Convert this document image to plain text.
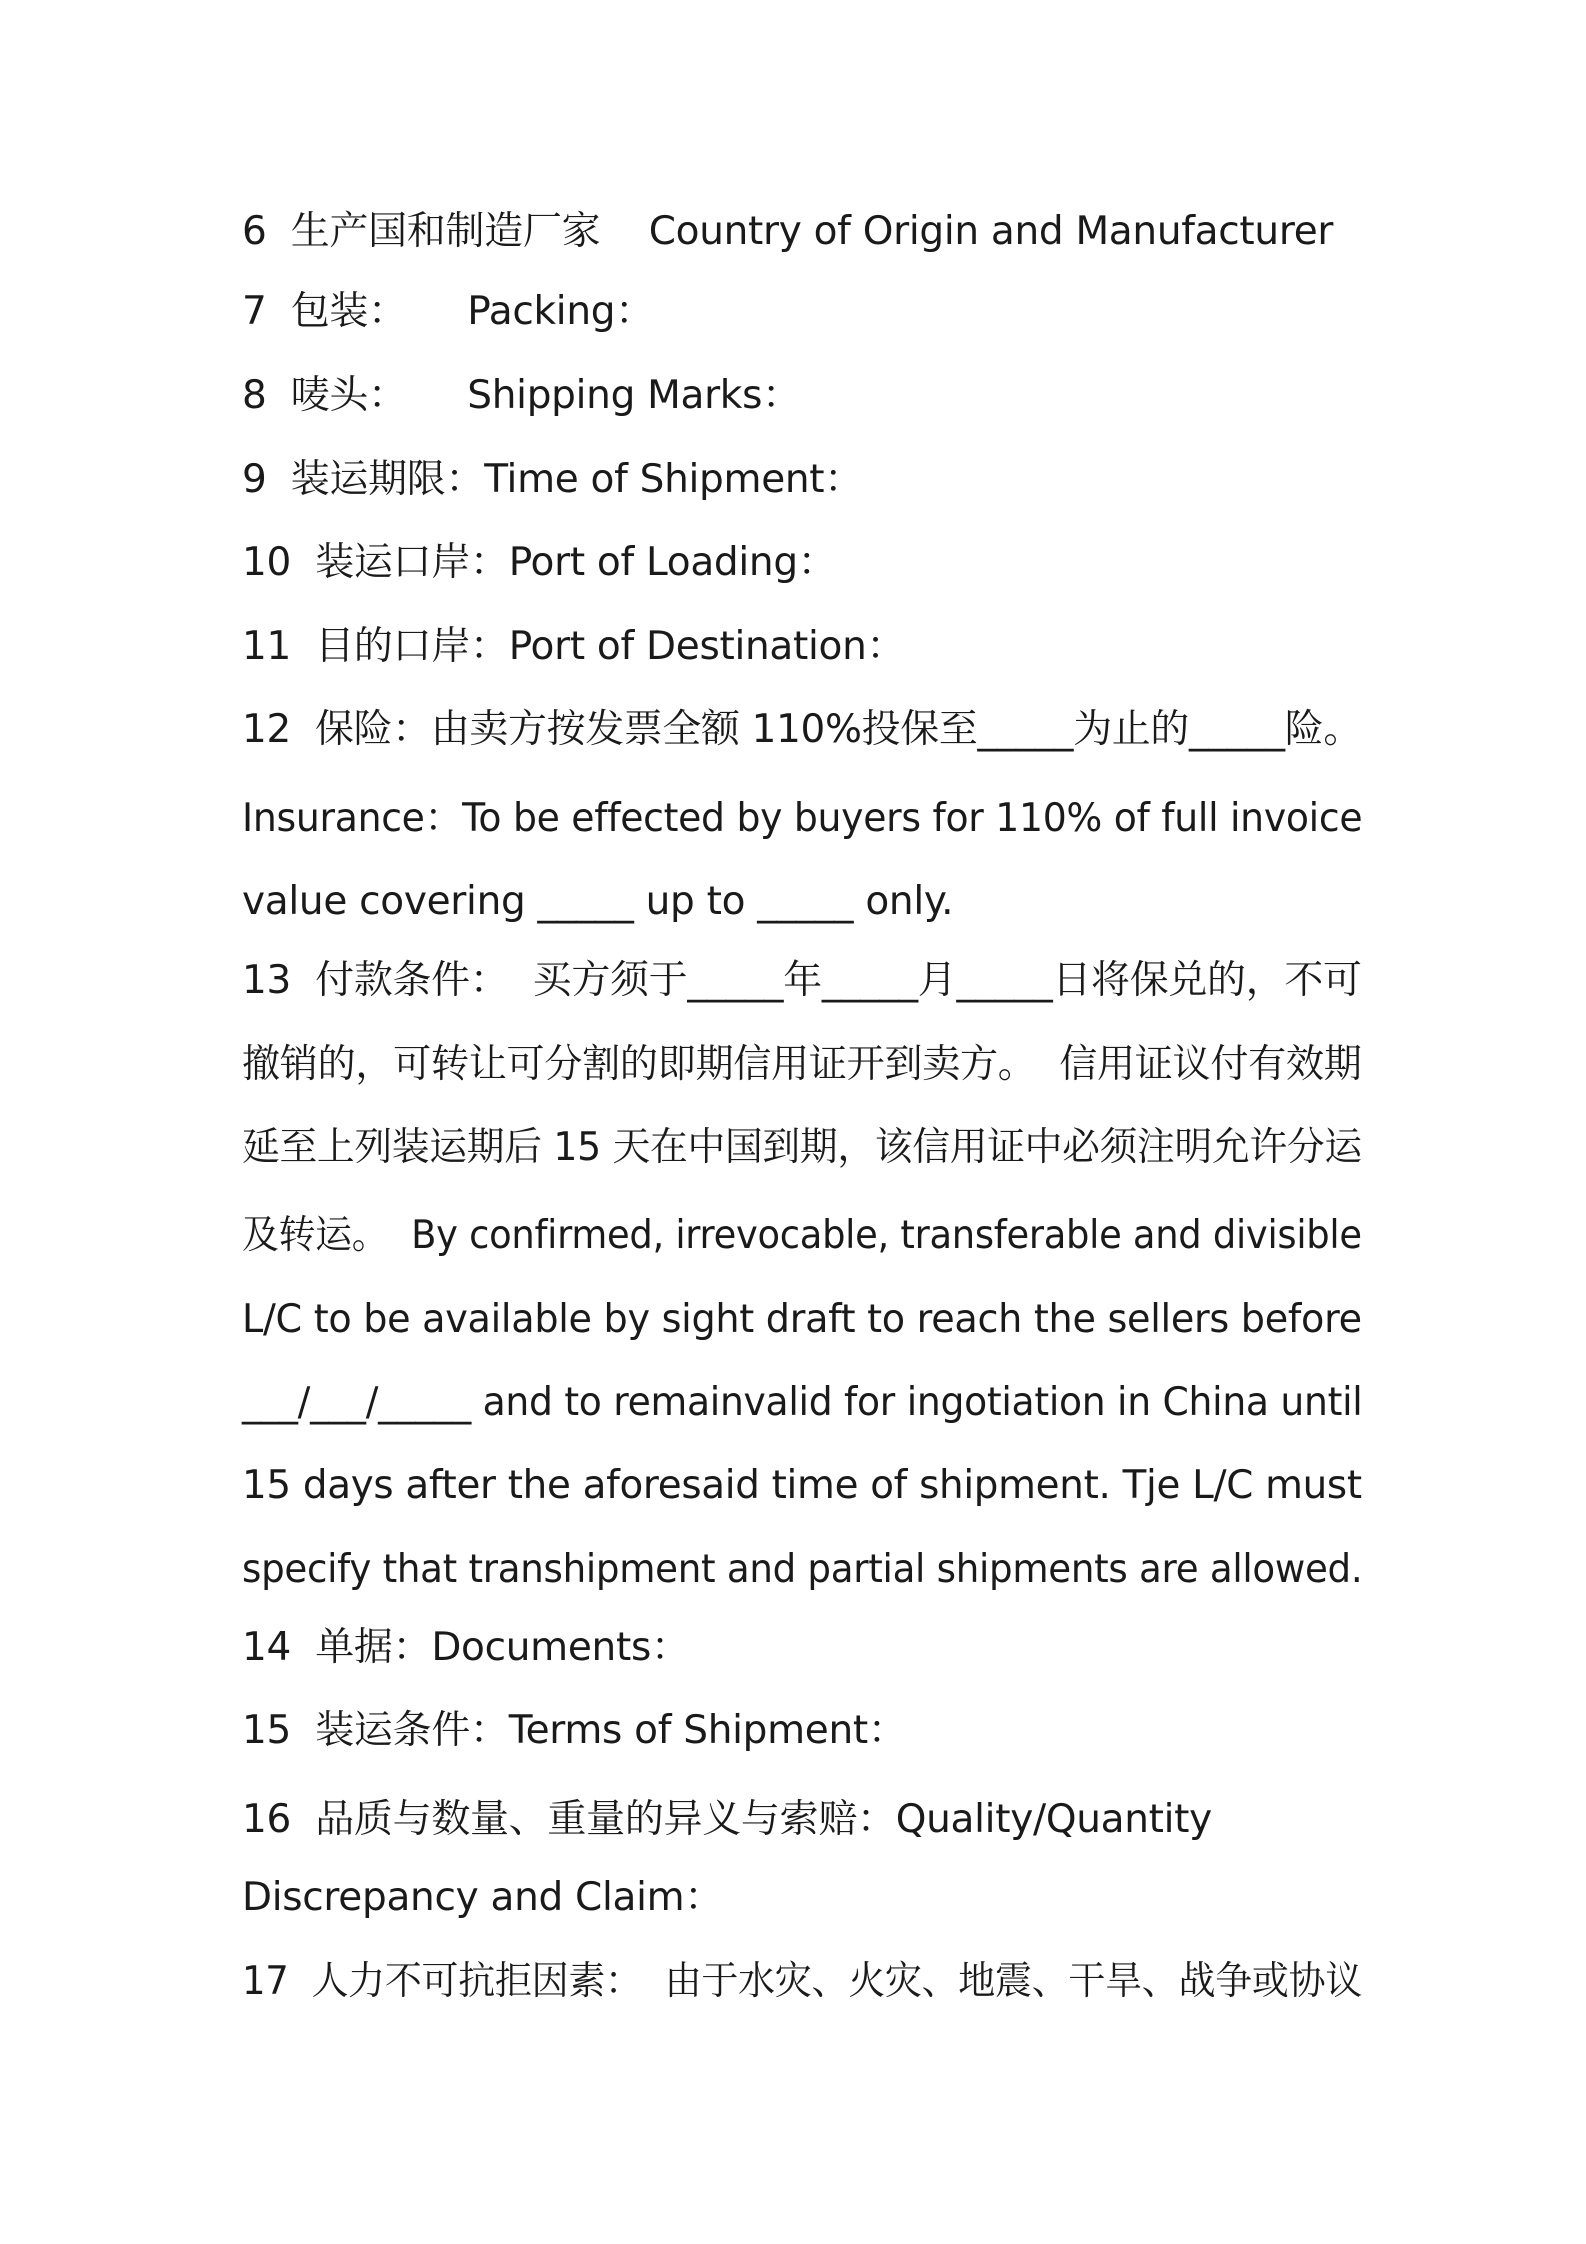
6  生产国和制造厂家    Country of Origin and Manufacturer
7  包装：     Packing：
8  唛头：     Shipping Marks：
9  装运期限：Time of Shipment：
10  装运口岸：Port of Loading：
11  目的口岸：Port of Destination：
12  保险：由卖方按发票全额 110%投保至_____为止的_____险。
Insurance：To be effected by buyers for 110% of full invoice
value covering _____ up to _____ only.
13  付款条件：  买方须于_____年_____月_____日将保兑的，不可
撤销的，可转让可分割的即期信用证开到卖方。  信用证议付有效期
延至上列装运期后 15 天在中国到期，该信用证中必须注明允许分运
及转运。  By confirmed, irrevocable, transferable and divisible
L/C to be available by sight draft to reach the sellers before
___/___/_____ and to remainvalid for ingotiation in China until
15 days after the aforesaid time of shipment. Tje L/C must
specify that transhipment and partial shipments are allowed.
14  单据：Documents：
15  装运条件：Terms of Shipment：
16  品质与数量、重量的异义与索赔：Quality/Quantity
Discrepancy and Claim：
17  人力不可抗拒因素：  由于水灾、火灾、地震、干旱、战争或协议
